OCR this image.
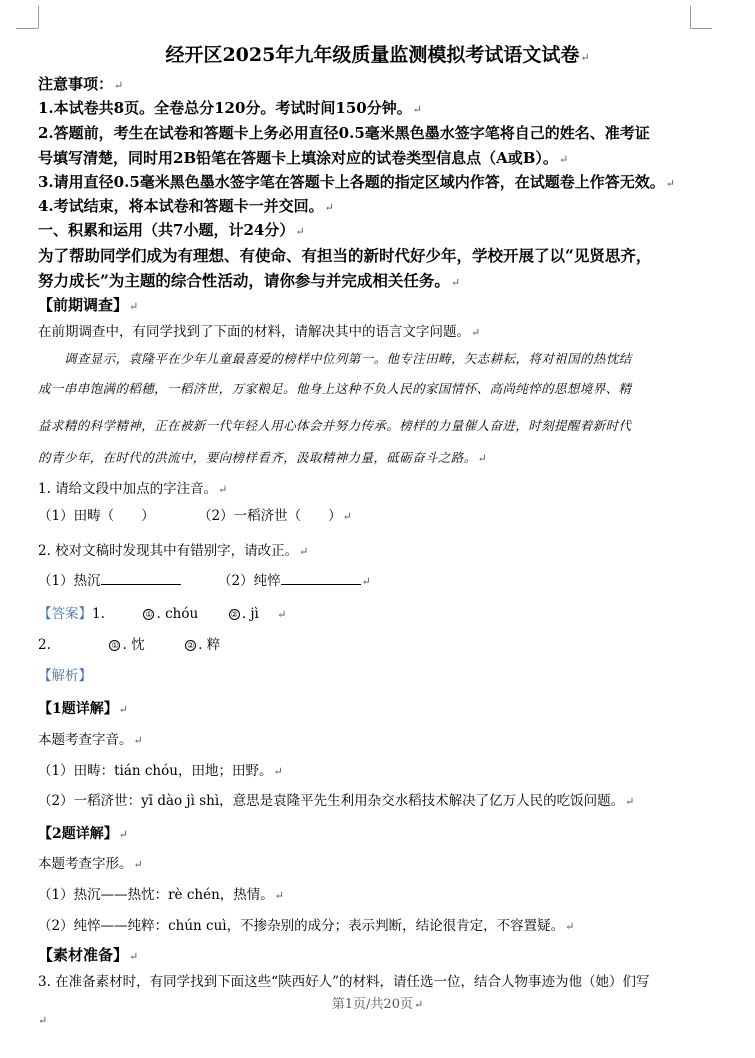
经开区2025年九年级质量监测模拟考试语文试卷↵
注意事项：↵
1.本试卷共8页。全卷总分120分。考试时间150分钟。↵
2.答题前，考生在试卷和答题卡上务必用直径0.5毫米黑色墨水签字笔将自己的姓名、准考证
号填写清楚，同时用2B铅笔在答题卡上填涂对应的试卷类型信息点（A或B）。↵
3.请用直径0.5毫米黑色墨水签字笔在答题卡上各题的指定区域内作答，在试题卷上作答无效。↵
4.考试结束，将本试卷和答题卡一并交回。↵
一、积累和运用（共7小题，计24分）↵
为了帮助同学们成为有理想、有使命、有担当的新时代好少年，学校开展了以“见贤思齐，
努力成长”为主题的综合性活动，请你参与并完成相关任务。↵
【前期调查】↵
在前期调查中，有同学找到了下面的材料，请解决其中的语言文字问题。↵
调查显示，袁隆平在少年儿童最喜爱的榜样中位列第一。他专注田畴，矢志耕耘，将对祖国的热忱结
成一串串饱满的稻穗，一稻济世，万家粮足。他身上这种不负人民的家国情怀、高尚纯悴的思想境界、精
益求精的科学精神，正在被新一代年轻人用心体会并努力传承。榜样的力量催人奋进，时刻提醒着新时代
的青少年，在时代的洪流中，要向榜样看齐，汲取精神力量，砥砺奋斗之路。↵
1. 请给文段中加点的字注音。↵
（1）田畴（　　）	（2）一稻济世（　　）↵
2. 校对文稿时发现其中有错别字，请改正。↵
（1）热沉	（2）纯悴	↵
【答案】1.	① . chóu	② . jì ↵
2.	① . 忱	② . 粹
【解析】
【1题详解】↵
本题考查字音。↵
（1）田畴：tián chóu，田地；田野。↵
（2）一稻济世：yī dào jì shì，意思是袁隆平先生利用杂交水稻技术解决了亿万人民的吃饭问题。↵
【2题详解】↵
本题考查字形。↵
（1）热沉——热忱：rè chén，热情。↵
（2）纯悴——纯粹：chún cuì，不掺杂别的成分；表示判断，结论很肯定，不容置疑。↵
【素材准备】↵
3. 在准备素材时，有同学找到下面这些“陕西好人”的材料，请任选一位，结合人物事迹为他（她）们写
第1页/共20页↵
↵
